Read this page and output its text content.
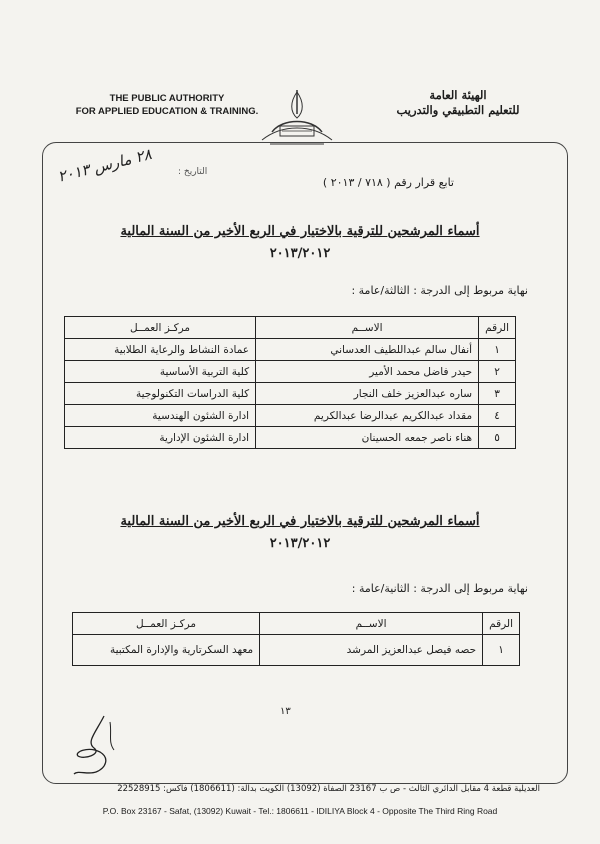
THE PUBLIC AUTHORITY
FOR APPLIED EDUCATION & TRAINING.
الهيئة العامة
للتعليم التطبيقي والتدريب
التاريخ :
تابع قرار رقم ( ٧١٨ / ٢٠١٣ )
٢٨ مارس ٢٠١٣
أسماء المرشحين للترقية بالاختيار في الربع الأخير من السنة المالية
٢٠١٣/٢٠١٢
نهاية مربوط إلى الدرجة : الثالثة/عامة :
الرقم	الاســم	مركـز العمــل
١	أنفال سالم عبداللطيف العدساني	عمادة النشاط والرعاية الطلابية
٢	حيدر فاضل محمد الأمير	كلية التربية الأساسية
٣	ساره عبدالعزيز خلف النجار	كلية الدراسات التكنولوجية
٤	مقداد عبدالكريم عبدالرضا عبدالكريم	ادارة الشئون الهندسية
٥	هناء ناصر جمعه الحسينان	ادارة الشئون الإدارية
أسماء المرشحين للترقية بالاختيار في الربع الأخير من السنة المالية
٢٠١٣/٢٠١٢
نهاية مربوط إلى الدرجة : الثانية/عامة :
الرقم	الاســم	مركـز العمــل
١	حصه فيصل عبدالعزيز المرشد	معهد السكرتارية والإدارة المكتبية
١٣
العديلية قطعة 4 مقابل الدائري الثالث - ص ب 23167 الصفاة (13092) الكويت بدالة: (1806611) فاكس: 22528915
P.O. Box 23167 - Safat, (13092) Kuwait - Tel.: 1806611 - IDILIYA Block 4 - Opposite The Third Ring Road
